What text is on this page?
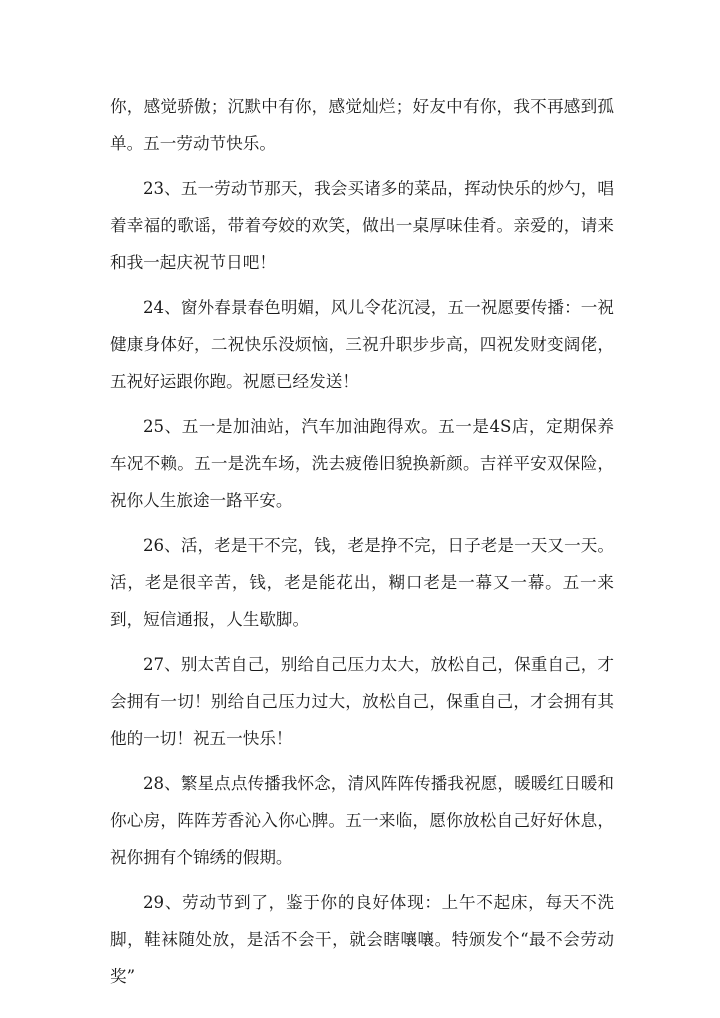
你，感觉骄傲；沉默中有你，感觉灿烂；好友中有你，我不再感到孤单。五一劳动节快乐。

23、五一劳动节那天，我会买诸多的菜品，挥动快乐的炒勺，唱着幸福的歌谣，带着夸姣的欢笑，做出一桌厚味佳肴。亲爱的，请来和我一起庆祝节日吧！

24、窗外春景春色明媚，风儿令花沉浸，五一祝愿要传播：一祝健康身体好，二祝快乐没烦恼，三祝升职步步高，四祝发财变阔佬，五祝好运跟你跑。祝愿已经发送！

25、五一是加油站，汽车加油跑得欢。五一是4S店，定期保养车况不赖。五一是洗车场，洗去疲倦旧貌换新颜。吉祥平安双保险，祝你人生旅途一路平安。

26、活，老是干不完，钱，老是挣不完，日子老是一天又一天。活，老是很辛苦，钱，老是能花出，糊口老是一幕又一幕。五一来到，短信通报，人生歇脚。

27、别太苦自己，别给自己压力太大，放松自己，保重自己，才会拥有一切！别给自己压力过大，放松自己，保重自己，才会拥有其他的一切！祝五一快乐！

28、繁星点点传播我怀念，清风阵阵传播我祝愿，暖暖红日暖和你心房，阵阵芳香沁入你心脾。五一来临，愿你放松自己好好休息，祝你拥有个锦绣的假期。

29、劳动节到了，鉴于你的良好体现：上午不起床，每天不洗脚，鞋袜随处放，是活不会干，就会瞎嚷嚷。特颁发个“最不会劳动奖”
